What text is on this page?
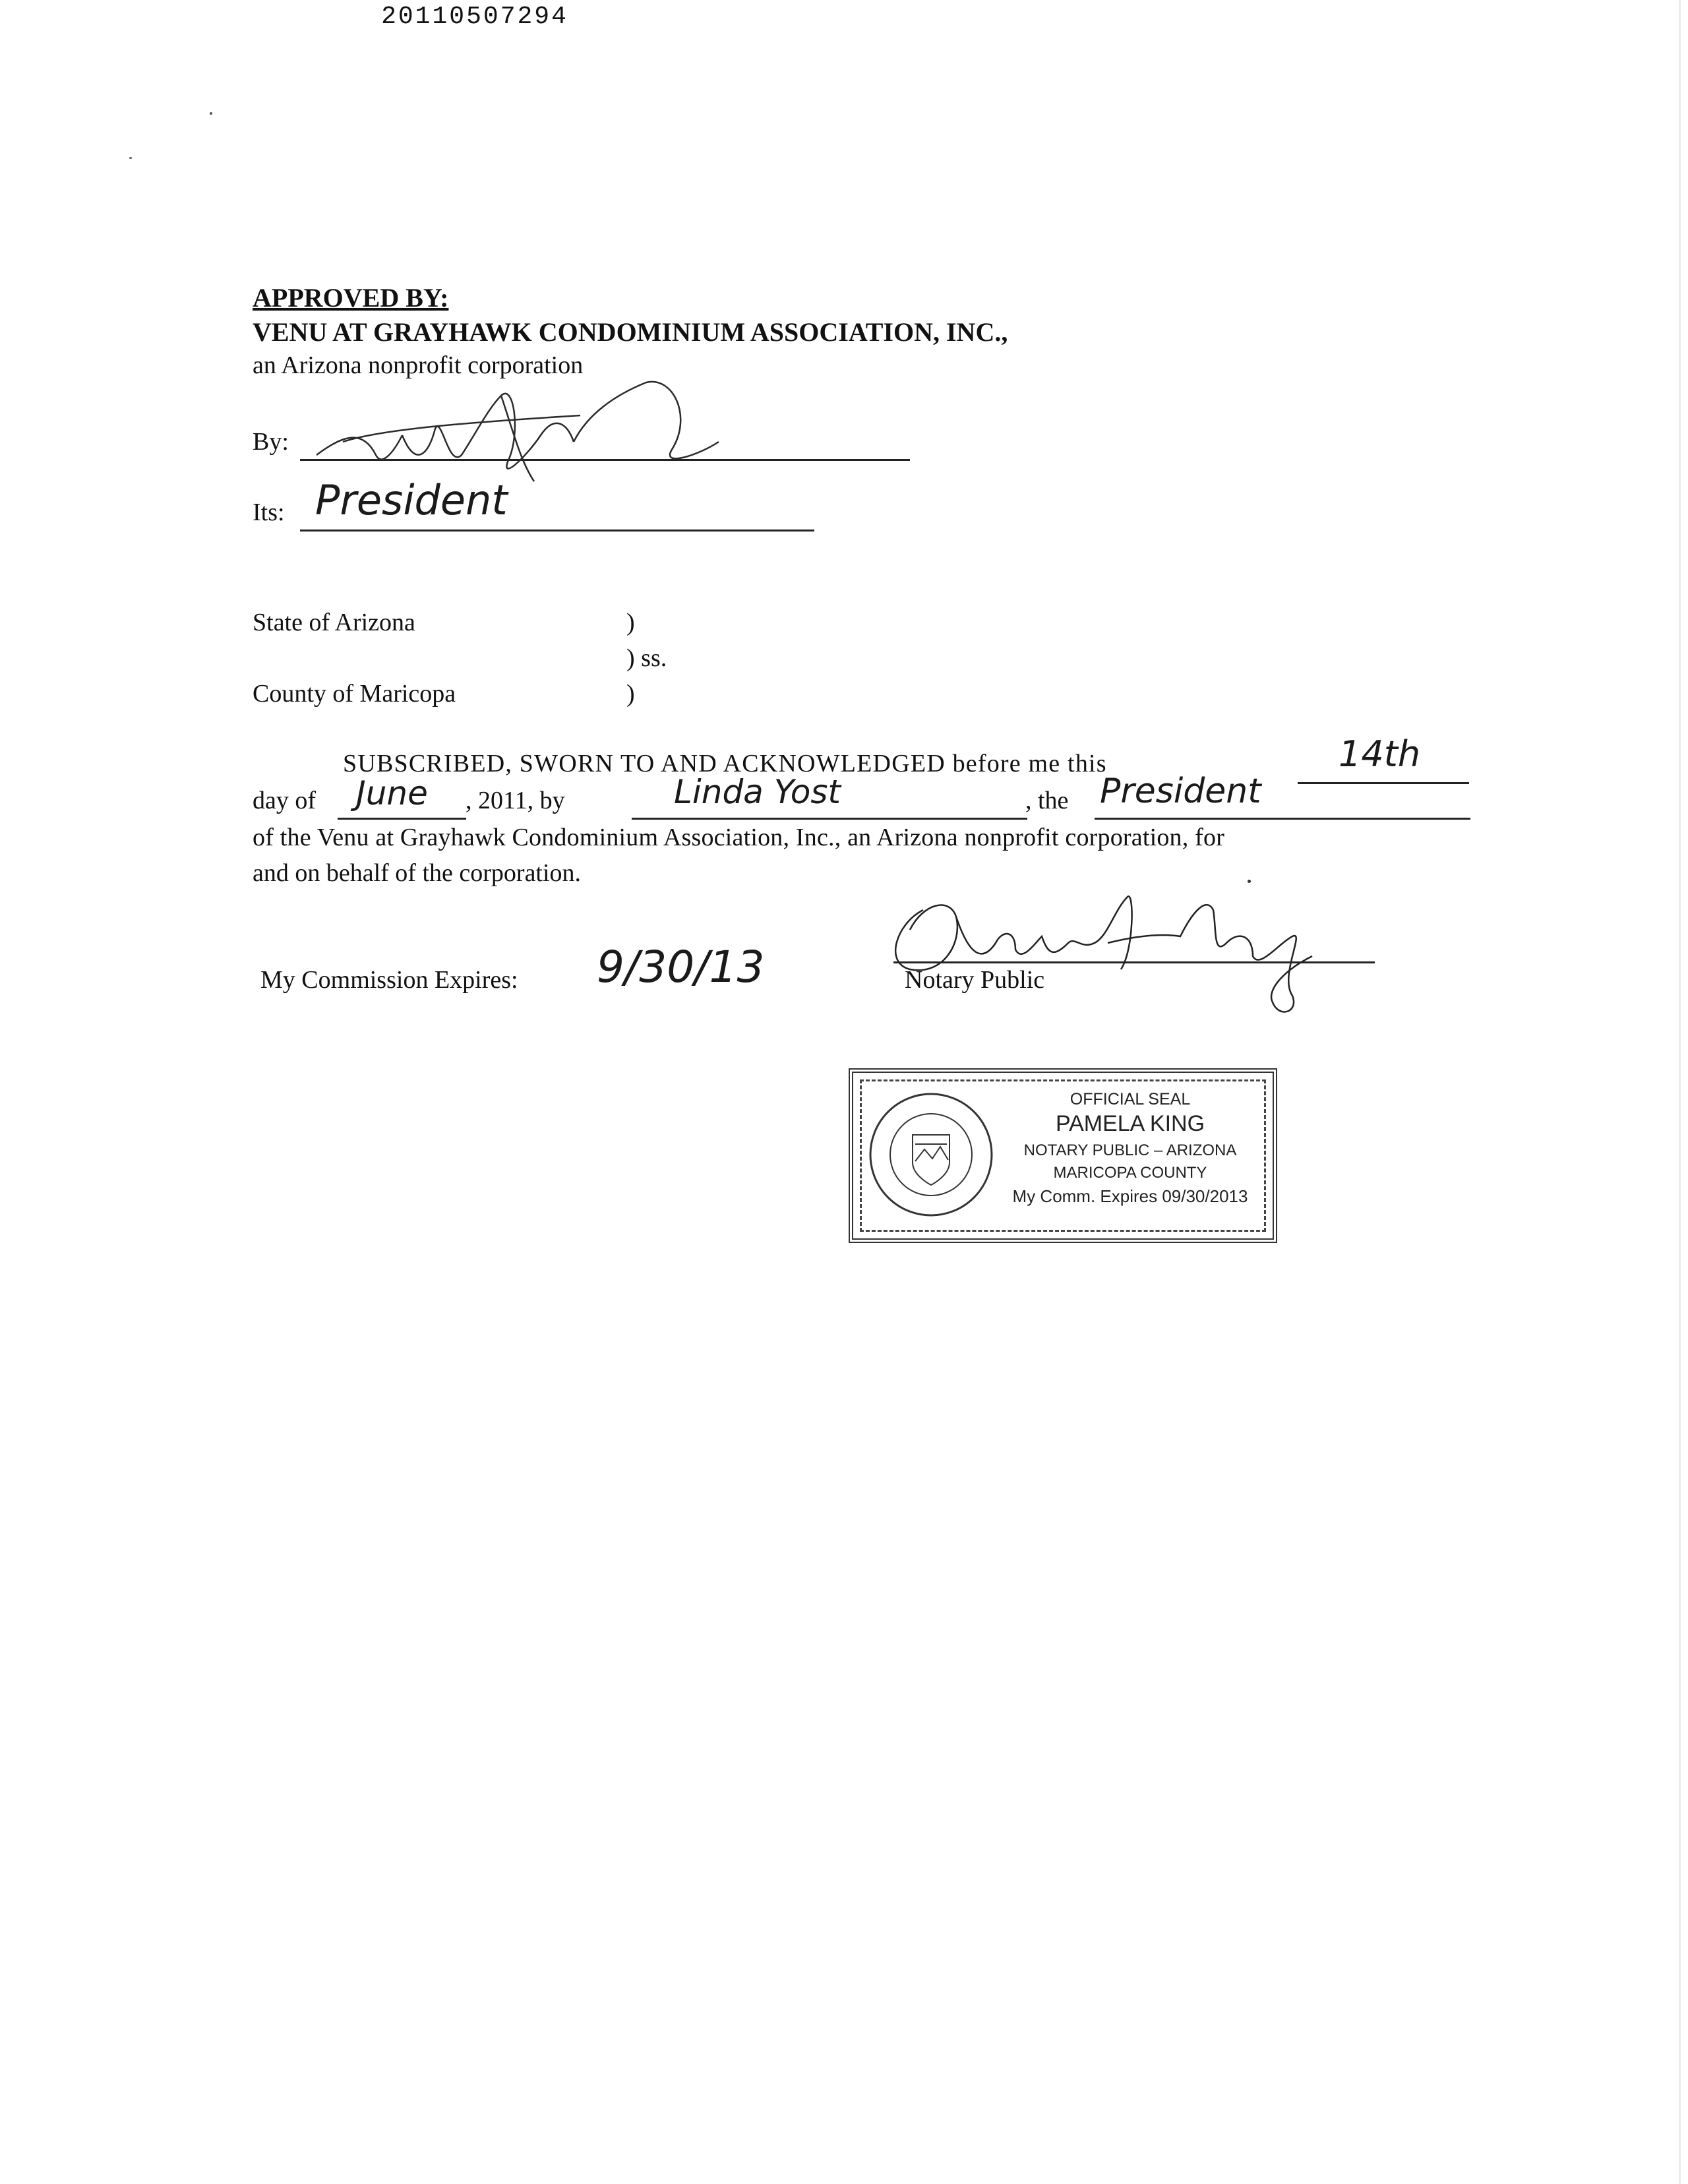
20110507294
APPROVED BY:
VENU AT GRAYHAWK CONDOMINIUM ASSOCIATION, INC.,
an Arizona nonprofit corporation
By:
Its: President
State of Arizona	)
) ss.
County of Maricopa	)
SUBSCRIBED, SWORN TO AND ACKNOWLEDGED before me this	14th
day of June , 2011, by	Linda Yost	, the President
of the Venu at Grayhawk Condominium Association, Inc., an Arizona nonprofit corporation, for
and on behalf of the corporation.
My Commission Expires: 9/30/13	Notary Public
OFFICIAL SEAL
PAMELA KING
NOTARY PUBLIC – ARIZONA
MARICOPA COUNTY
My Comm. Expires 09/30/2013
